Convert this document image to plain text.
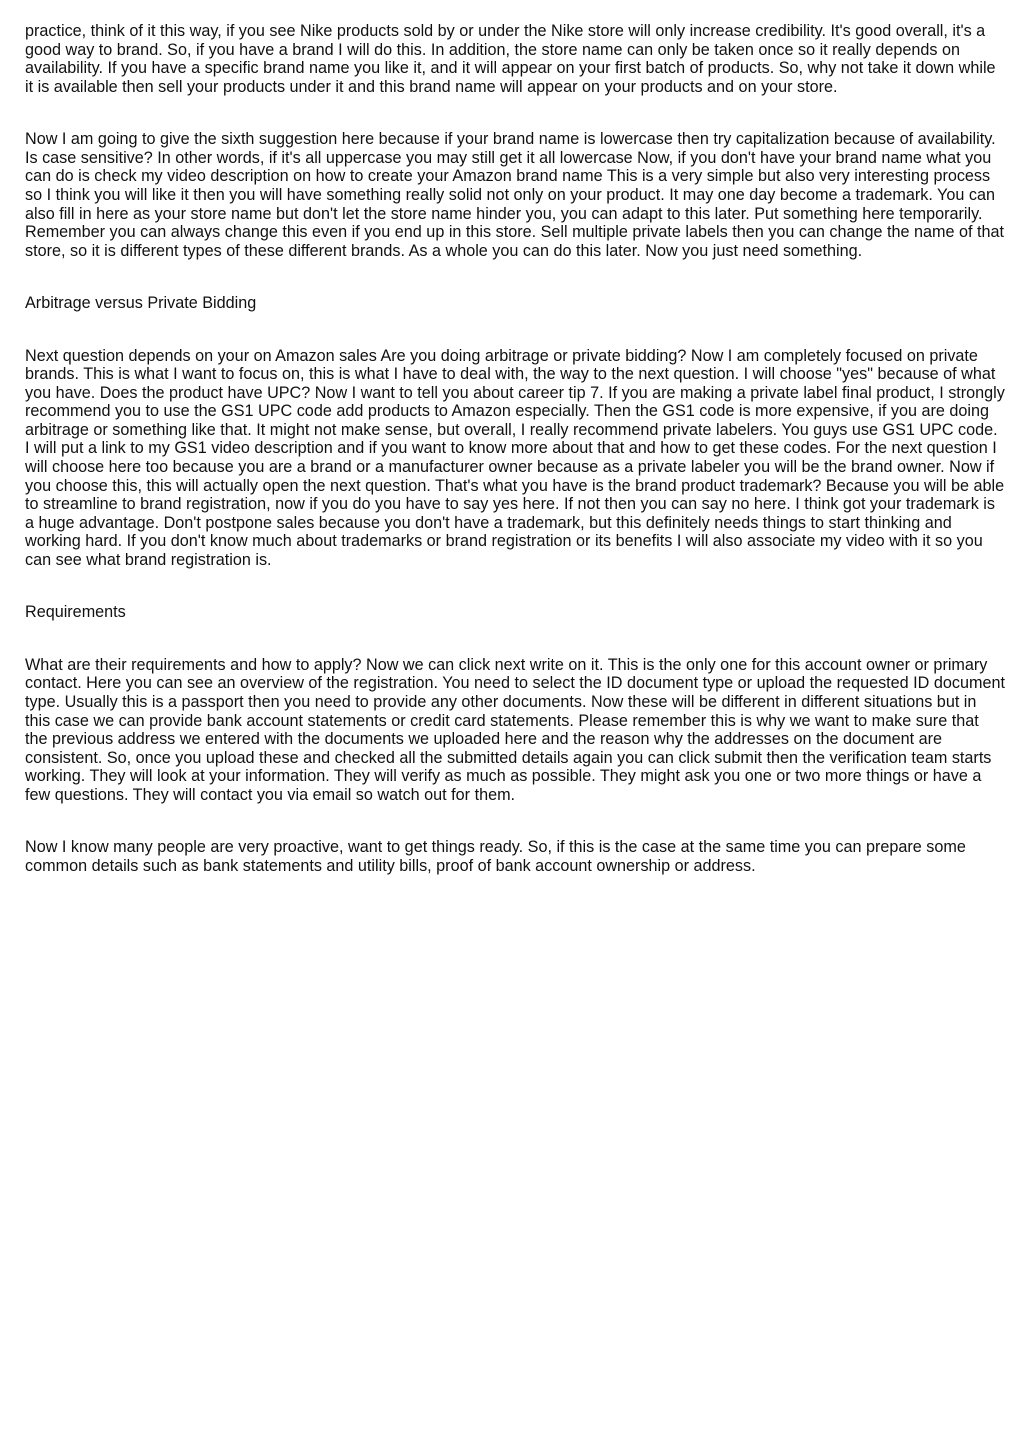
practice, think of it this way, if you see Nike products sold by or under the Nike store will only increase credibility. It's good overall, it's a good way to brand. So, if you have a brand I will do this. In addition, the store name can only be taken once so it really depends on availability. If you have a specific brand name you like it, and it will appear on your first batch of products. So, why not take it down while it is available then sell your products under it and this brand name will appear on your products and on your store.

Now I am going to give the sixth suggestion here because if your brand name is lowercase then try capitalization because of availability. Is case sensitive? In other words, if it's all uppercase you may still get it all lowercase Now, if you don't have your brand name what you can do is check my video description on how to create your Amazon brand name This is a very simple but also very interesting process so I think you will like it then you will have something really solid not only on your product. It may one day become a trademark. You can also fill in here as your store name but don't let the store name hinder you, you can adapt to this later. Put something here temporarily. Remember you can always change this even if you end up in this store. Sell multiple private labels then you can change the name of that store, so it is different types of these different brands. As a whole you can do this later. Now you just need something.

Arbitrage versus Private Bidding

Next question depends on your on Amazon sales Are you doing arbitrage or private bidding? Now I am completely focused on private brands. This is what I want to focus on, this is what I have to deal with, the way to the next question. I will choose "yes" because of what you have. Does the product have UPC? Now I want to tell you about career tip 7. If you are making a private label final product, I strongly recommend you to use the GS1 UPC code add products to Amazon especially. Then the GS1 code is more expensive, if you are doing arbitrage or something like that. It might not make sense, but overall, I really recommend private labelers. You guys use GS1 UPC code. I will put a link to my GS1 video description and if you want to know more about that and how to get these codes. For the next question I will choose here too because you are a brand or a manufacturer owner because as a private labeler you will be the brand owner. Now if you choose this, this will actually open the next question. That's what you have is the brand product trademark? Because you will be able to streamline to brand registration, now if you do you have to say yes here. If not then you can say no here. I think got your trademark is a huge advantage. Don't postpone sales because you don't have a trademark, but this definitely needs things to start thinking and working hard. If you don't know much about trademarks or brand registration or its benefits I will also associate my video with it so you can see what brand registration is.

Requirements

What are their requirements and how to apply? Now we can click next write on it. This is the only one for this account owner or primary contact. Here you can see an overview of the registration. You need to select the ID document type or upload the requested ID document type. Usually this is a passport then you need to provide any other documents. Now these will be different in different situations but in this case we can provide bank account statements or credit card statements. Please remember this is why we want to make sure that the previous address we entered with the documents we uploaded here and the reason why the addresses on the document are consistent. So, once you upload these and checked all the submitted details again you can click submit then the verification team starts working. They will look at your information. They will verify as much as possible. They might ask you one or two more things or have a few questions. They will contact you via email so watch out for them.

Now I know many people are very proactive, want to get things ready. So, if this is the case at the same time you can prepare some common details such as bank statements and utility bills, proof of bank account ownership or address.
